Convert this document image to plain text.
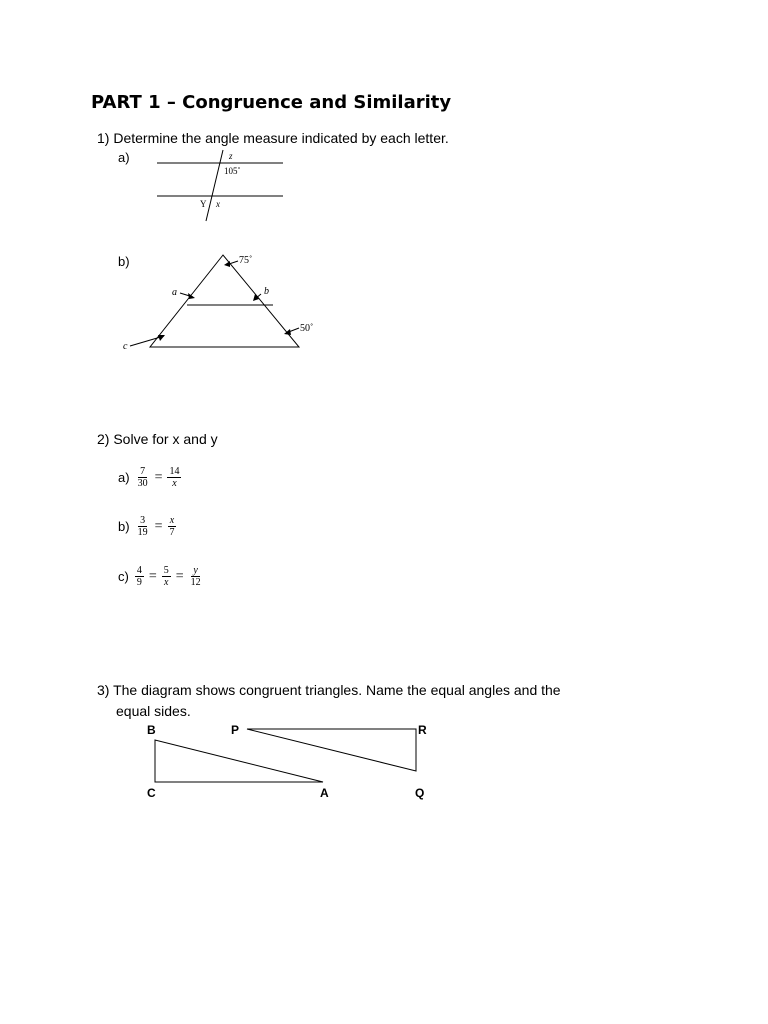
PART 1 – Congruence and Similarity
1) Determine the angle measure indicated by each letter.
a)	z
105˚
Y x
b)	75˚
a	b
50˚
c
2) Solve for x and y
$a) \frac{7}{30} = \frac{14}{x}$
$b) \frac{3}{19} = \frac{x}{7}$
$c) \frac{4}{9} = \frac{5}{x} = \frac{y}{12}$
3) The diagram shows congruent triangles. Name the equal angles and the
equal sides.
B
C	A
P	R
Q
